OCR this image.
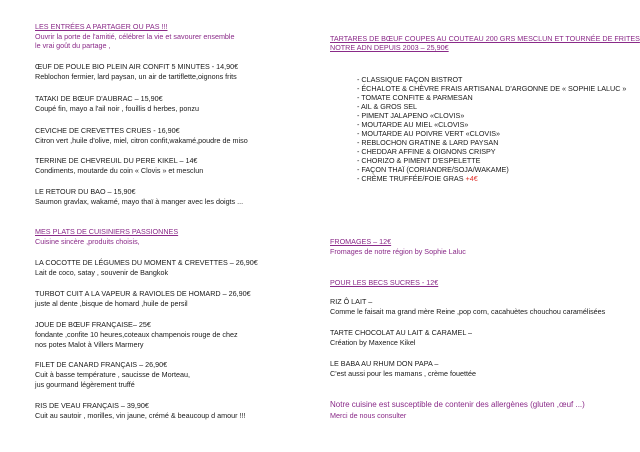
LES ENTRÉES A PARTAGER OU PAS !!!
Ouvrir la porte de l'amitié, célébrer la vie et savourer ensemble
le vrai goût du partage ,
ŒUF DE POULE BIO PLEIN AIR CONFIT 5 MINUTES - 14,90€
Reblochon fermier, lard paysan, un air de tartiflette,oignons frits
TATAKI DE BŒUF D'AUBRAC – 15,90€
Coupé fin, mayo a l'ail noir , fouillis d herbes, ponzu
CEVICHE DE CREVETTES CRUES - 16,90€
Citron vert ,huile d'olive, miel, citron confit,wakamé,poudre de miso
TERRINE DE CHEVREUIL DU PERE KIKEL – 14€
Condiments, moutarde du coin « Clovis » et mesclun
LE RETOUR DU BAO – 15,90€
Saumon gravlax, wakamé, mayo thaï à manger avec les doigts ...
MES PLATS DE CUISINIERS PASSIONNES
Cuisine sincère ,produits choisis,
LA COCOTTE DE LÉGUMES DU MOMENT & CREVETTES – 26,90€
Lait de coco, satay , souvenir de Bangkok
TURBOT CUIT A LA VAPEUR & RAVIOLES DE HOMARD – 26,90€
juste al dente ,bisque de homard ,huile de persil
JOUE DE BŒUF FRANÇAISE– 25€
fondante ,confite 10 heures,coteaux champenois rouge de chez
nos potes Malot à Villers Marmery
FILET DE CANARD FRANÇAIS – 26,90€
Cuit à basse température , saucisse de Morteau,
jus gourmand légèrement truffé
RIS DE VEAU FRANÇAIS – 39,90€
Cuit au sautoir , morilles, vin jaune, crémé & beaucoup d amour !!!
TARTARES DE BŒUF COUPES AU COUTEAU 200 GRS MESCLUN ET TOURNÉE DE FRITES
NOTRE ADN DEPUIS 2003 – 25,90€
- CLASSIQUE FAÇON BISTROT
- ÉCHALOTE & CHÈVRE FRAIS ARTISANAL D'ARGONNE DE « SOPHIE LALUC »
- TOMATE CONFITE & PARMESAN
- AIL & GROS SEL
- PIMENT JALAPENO «CLOVIS»
- MOUTARDE AU MIEL «CLOVIS»
- MOUTARDE AU POIVRE VERT «CLOVIS»
- REBLOCHON GRATINE & LARD PAYSAN
- CHEDDAR AFFINE & OIGNONS CRISPY
- CHORIZO & PIMENT D'ESPELETTE
- FAÇON THAÏ (CORIANDRE/SOJA/WAKAME)
- CRÈME TRUFFÉE/FOIE GRAS +4€
FROMAGES – 12€
Fromages de notre région by Sophie Laluc
POUR LES BECS SUCRES - 12€
RIZ Ô LAIT –
Comme le faisait ma grand mère Reine ,pop corn, cacahuètes chouchou caramélisées
TARTE CHOCOLAT AU LAIT & CARAMEL –
Création by Maxence Kikel
LE BABA AU RHUM DON PAPA –
C'est aussi pour les mamans , crème fouettée
Notre cuisine est susceptible de contenir des allergènes (gluten ,œuf ...)
Merci de nous consulter
